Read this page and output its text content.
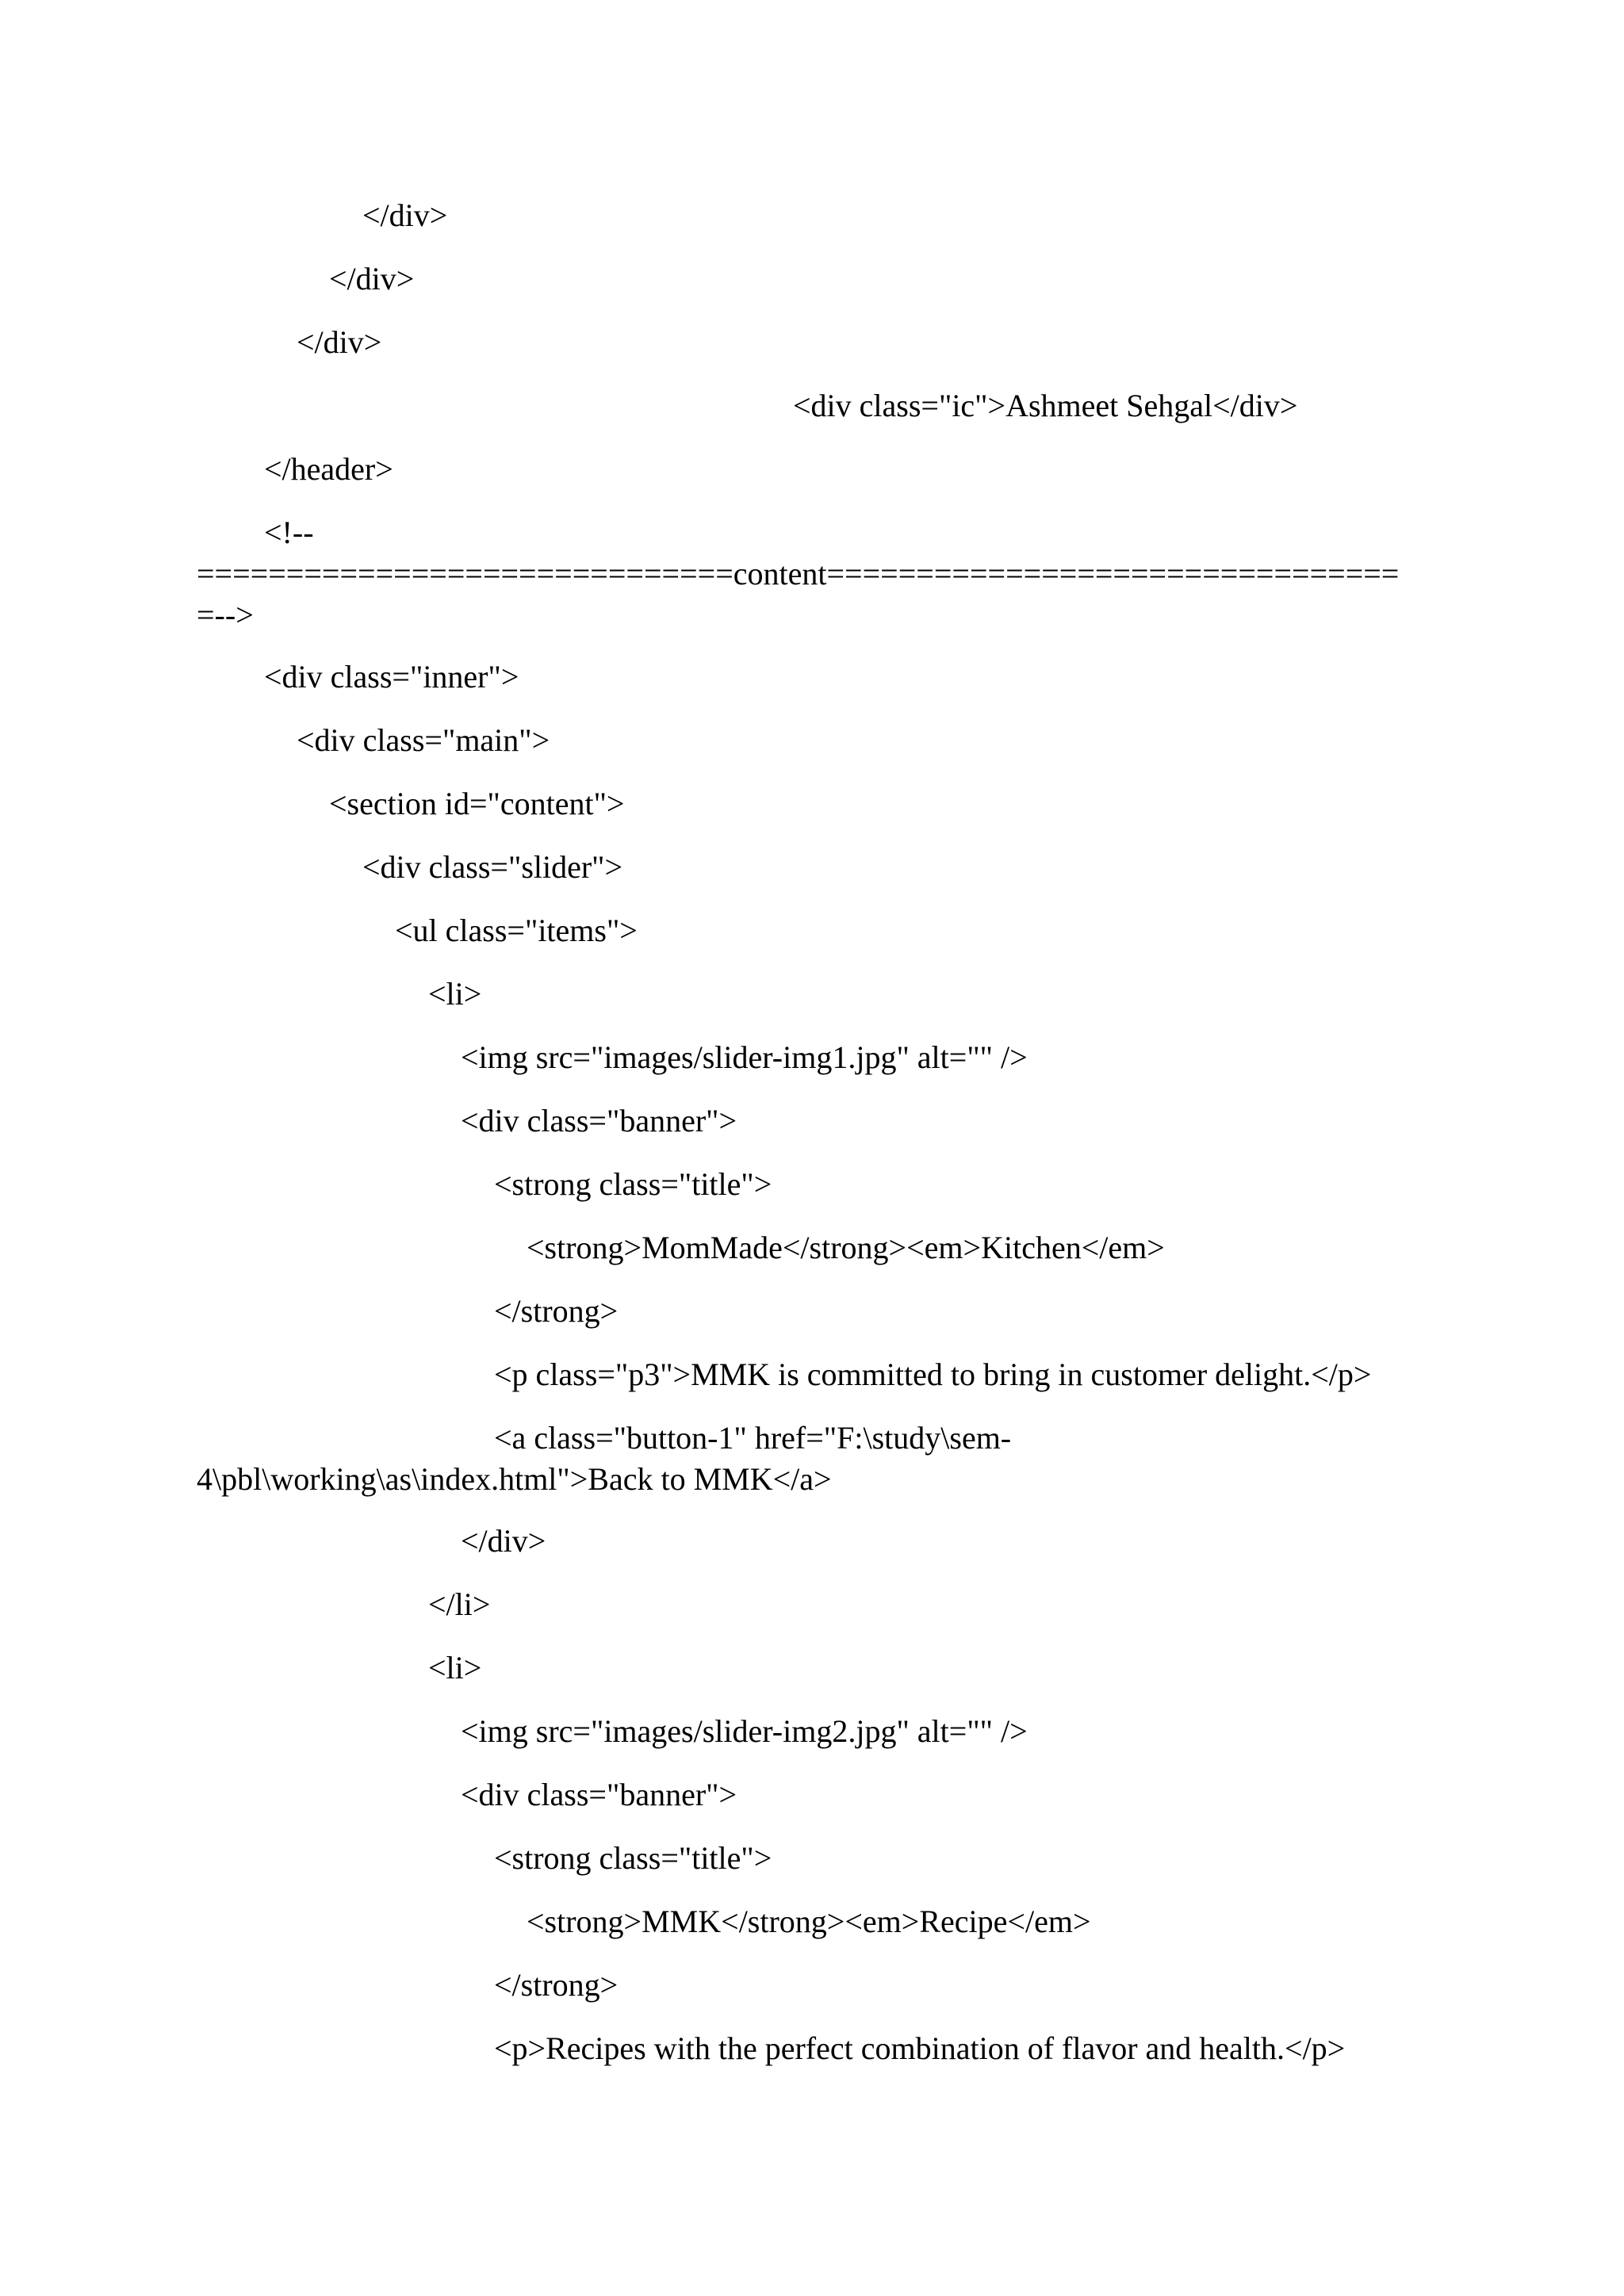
</div>
</div>
</div>
<div class="ic">Ashmeet Sehgal</div>
</header>
<!--
==============================content================================
=-->
<div class="inner">
<div class="main">
<section id="content">
<div class="slider">
<ul class="items">
<li>
<img src="images/slider-img1.jpg" alt="" />
<div class="banner">
<strong class="title">
<strong>MomMade</strong><em>Kitchen</em>
</strong>
<p class="p3">MMK is committed to bring in customer delight.</p>
<a class="button-1" href="F:\study\sem-
4\pbl\working\as\index.html">Back to MMK</a>
</div>
</li>
<li>
<img src="images/slider-img2.jpg" alt="" />
<div class="banner">
<strong class="title">
<strong>MMK</strong><em>Recipe</em>
</strong>
<p>Recipes with the perfect combination of flavor and health.</p>
